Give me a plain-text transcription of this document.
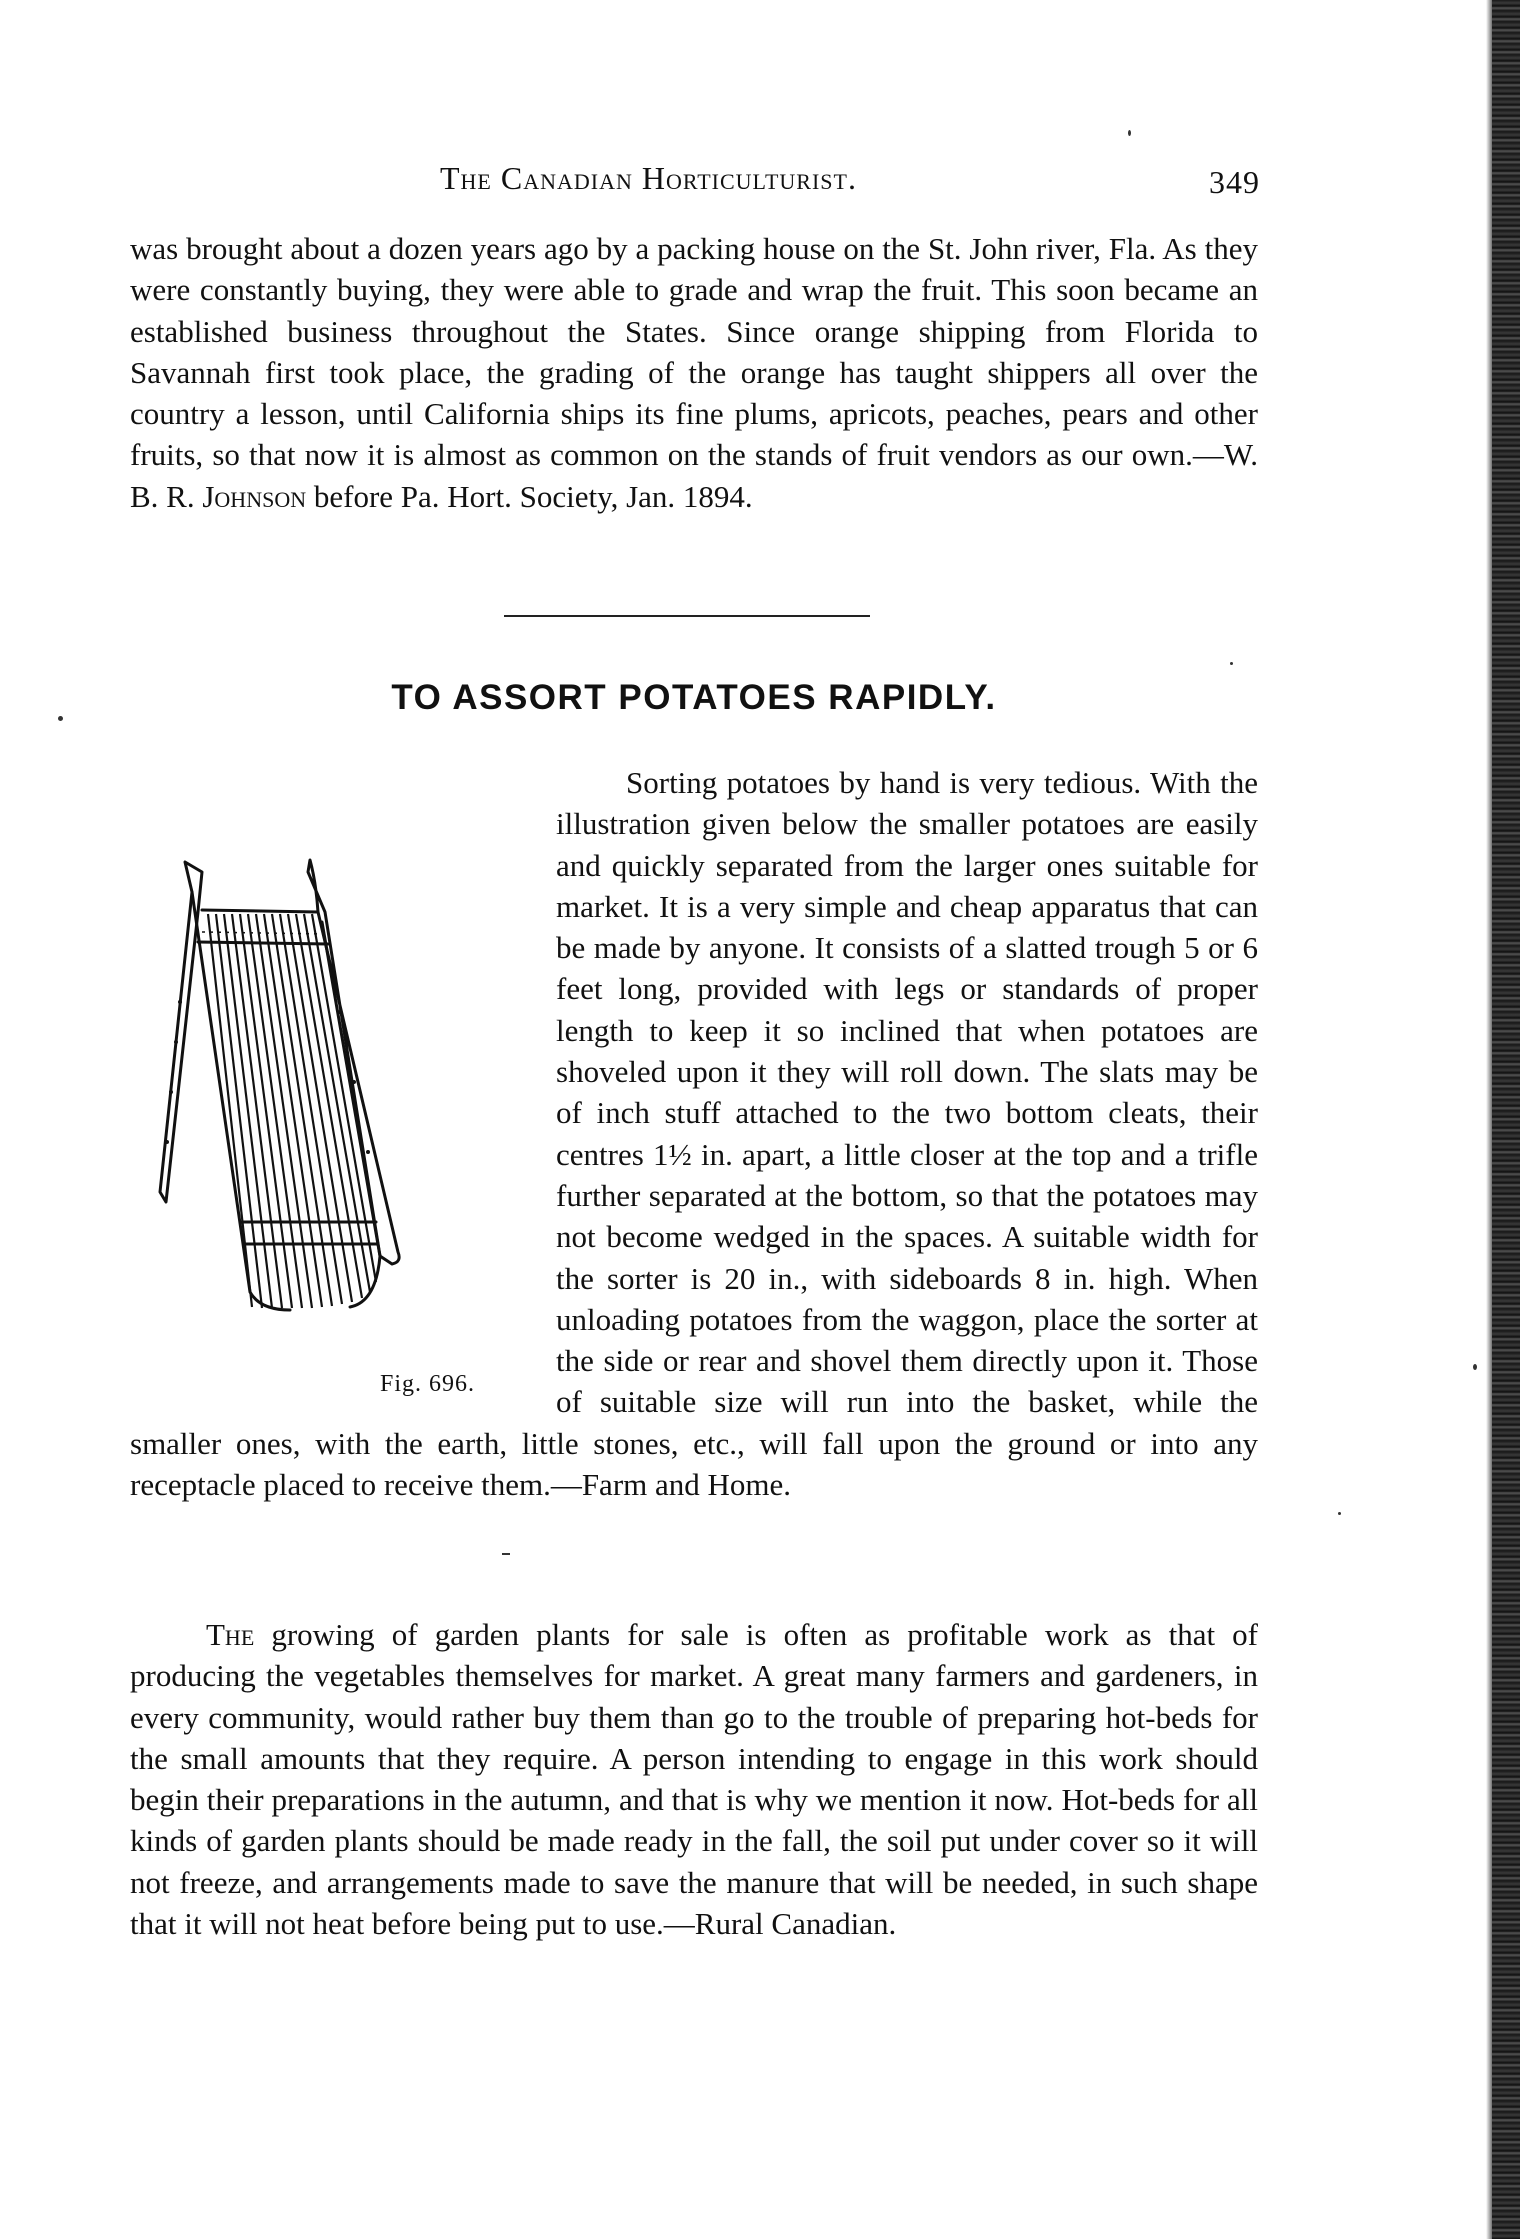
The Canadian Horticulturist.	349

was brought about a dozen years ago by a packing house on the St. John river, Fla. As they were constantly buying, they were able to grade and wrap the fruit. This soon became an established business throughout the States. Since orange shipping from Florida to Savannah first took place, the grading of the orange has taught shippers all over the country a lesson, until California ships its fine plums, apricots, peaches, pears and other fruits, so that now it is almost as common on the stands of fruit vendors as our own.—W. B. R. Johnson before Pa. Hort. Society, Jan. 1894.

TO ASSORT POTATOES RAPIDLY.

Fig. 696.
Sorting potatoes by hand is very tedious. With the illustration given below the smaller potatoes are easily and quickly separated from the larger ones suitable for market. It is a very simple and cheap apparatus that can be made by anyone. It consists of a slatted trough 5 or 6 feet long, provided with legs or standards of proper length to keep it so inclined that when potatoes are shoveled upon it they will roll down. The slats may be of inch stuff attached to the two bottom cleats, their centres 1½ in. apart, a little closer at the top and a trifle further separated at the bottom, so that the potatoes may not become wedged in the spaces. A suitable width for the sorter is 20 in., with sideboards 8 in. high. When unloading potatoes from the waggon, place the sorter at the side or rear and shovel them directly upon it. Those of suitable size will run into the basket, while the smaller ones, with the earth, little stones, etc., will fall upon the ground or into any receptacle placed to receive them.—Farm and Home.

The growing of garden plants for sale is often as profitable work as that of producing the vegetables themselves for market. A great many farmers and gardeners, in every community, would rather buy them than go to the trouble of preparing hot-beds for the small amounts that they require. A person intending to engage in this work should begin their preparations in the autumn, and that is why we mention it now. Hot-beds for all kinds of garden plants should be made ready in the fall, the soil put under cover so it will not freeze, and arrangements made to save the manure that will be needed, in such shape that it will not heat before being put to use.—Rural Canadian.
